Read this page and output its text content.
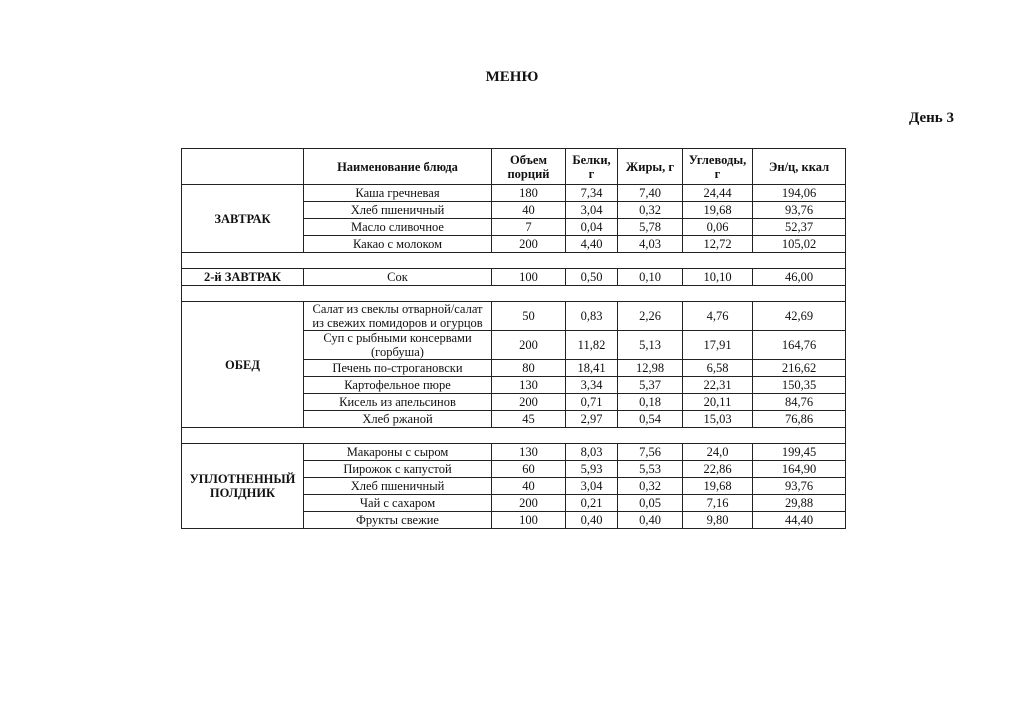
МЕНЮ
День 3
	Наименование блюда	Объем порций	Белки, г	Жиры, г	Углеводы, г	Эн/ц, ккал
ЗАВТРАК	Каша гречневая	180	7,34	7,40	24,44	194,06
	Хлеб пшеничный	40	3,04	0,32	19,68	93,76
	Масло сливочное	7	0,04	5,78	0,06	52,37
	Какао с молоком	200	4,40	4,03	12,72	105,02

2-й ЗАВТРАК	Сок	100	0,50	0,10	10,10	46,00

ОБЕД	Салат из свеклы отварной/салат из свежих помидоров и огурцов	50	0,83	2,26	4,76	42,69
	Суп с рыбными консервами (горбуша)	200	11,82	5,13	17,91	164,76
	Печень по-строгановски	80	18,41	12,98	6,58	216,62
	Картофельное пюре	130	3,34	5,37	22,31	150,35
	Кисель из апельсинов	200	0,71	0,18	20,11	84,76
	Хлеб ржаной	45	2,97	0,54	15,03	76,86

УПЛОТНЕННЫЙ ПОЛДНИК	Макароны с сыром	130	8,03	7,56	24,0	199,45
	Пирожок с капустой	60	5,93	5,53	22,86	164,90
	Хлеб пшеничный	40	3,04	0,32	19,68	93,76
	Чай с сахаром	200	0,21	0,05	7,16	29,88
	Фрукты свежие	100	0,40	0,40	9,80	44,40
